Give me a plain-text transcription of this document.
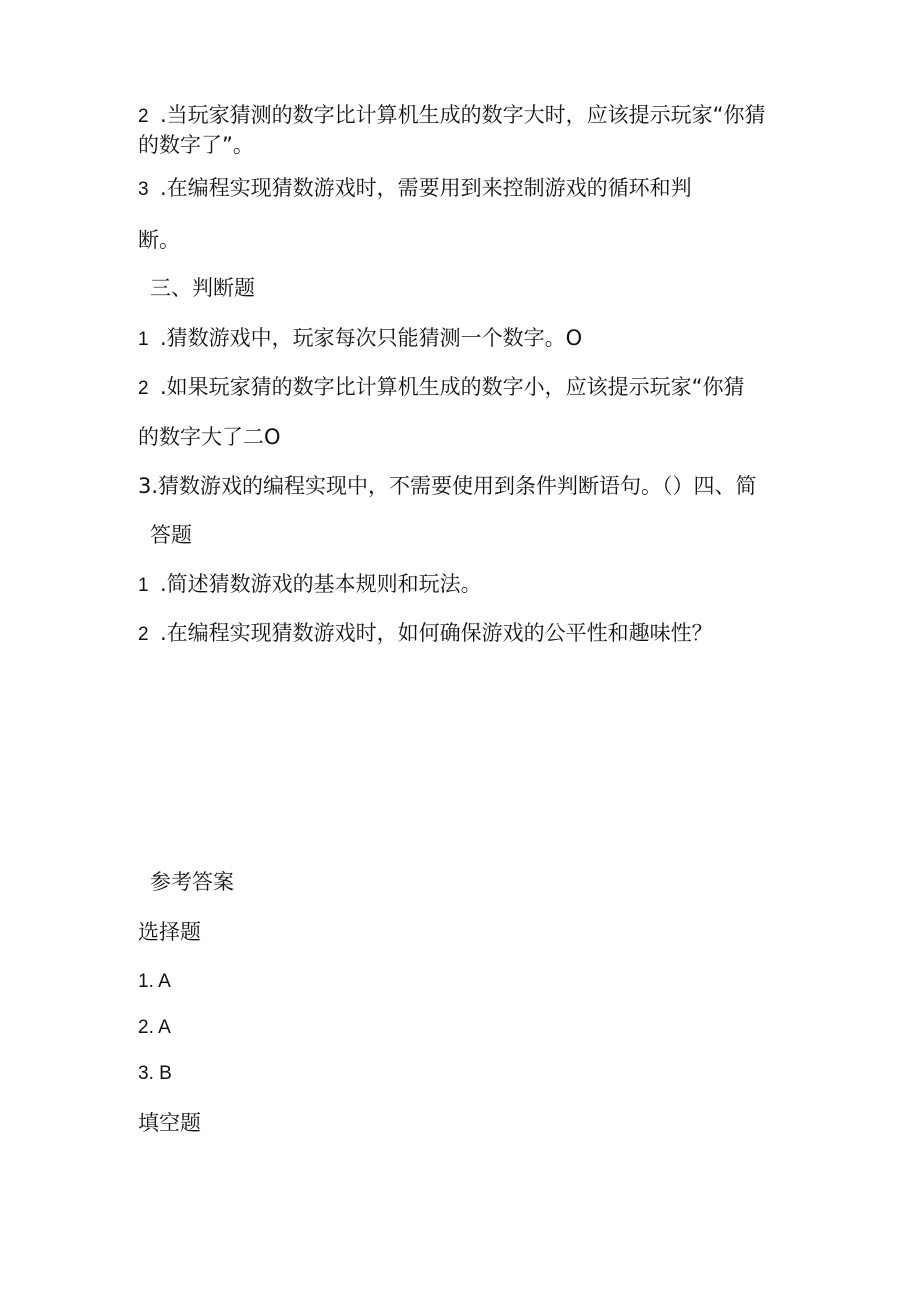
2 .当玩家猜测的数字比计算机生成的数字大时，应该提示玩家“你猜
的数字了”。
3 .在编程实现猜数游戏时，需要用到来控制游戏的循环和判
断。
三、判断题
1 .猜数游戏中，玩家每次只能猜测一个数字。O
2 .如果玩家猜的数字比计算机生成的数字小，应该提示玩家“你猜
的数字大了二O
3.猜数游戏的编程实现中，不需要使用到条件判断语句。（）四、简
答题
1 .简述猜数游戏的基本规则和玩法。
2 .在编程实现猜数游戏时，如何确保游戏的公平性和趣味性？
参考答案
选择题
1. A
2. A
3. B
填空题
